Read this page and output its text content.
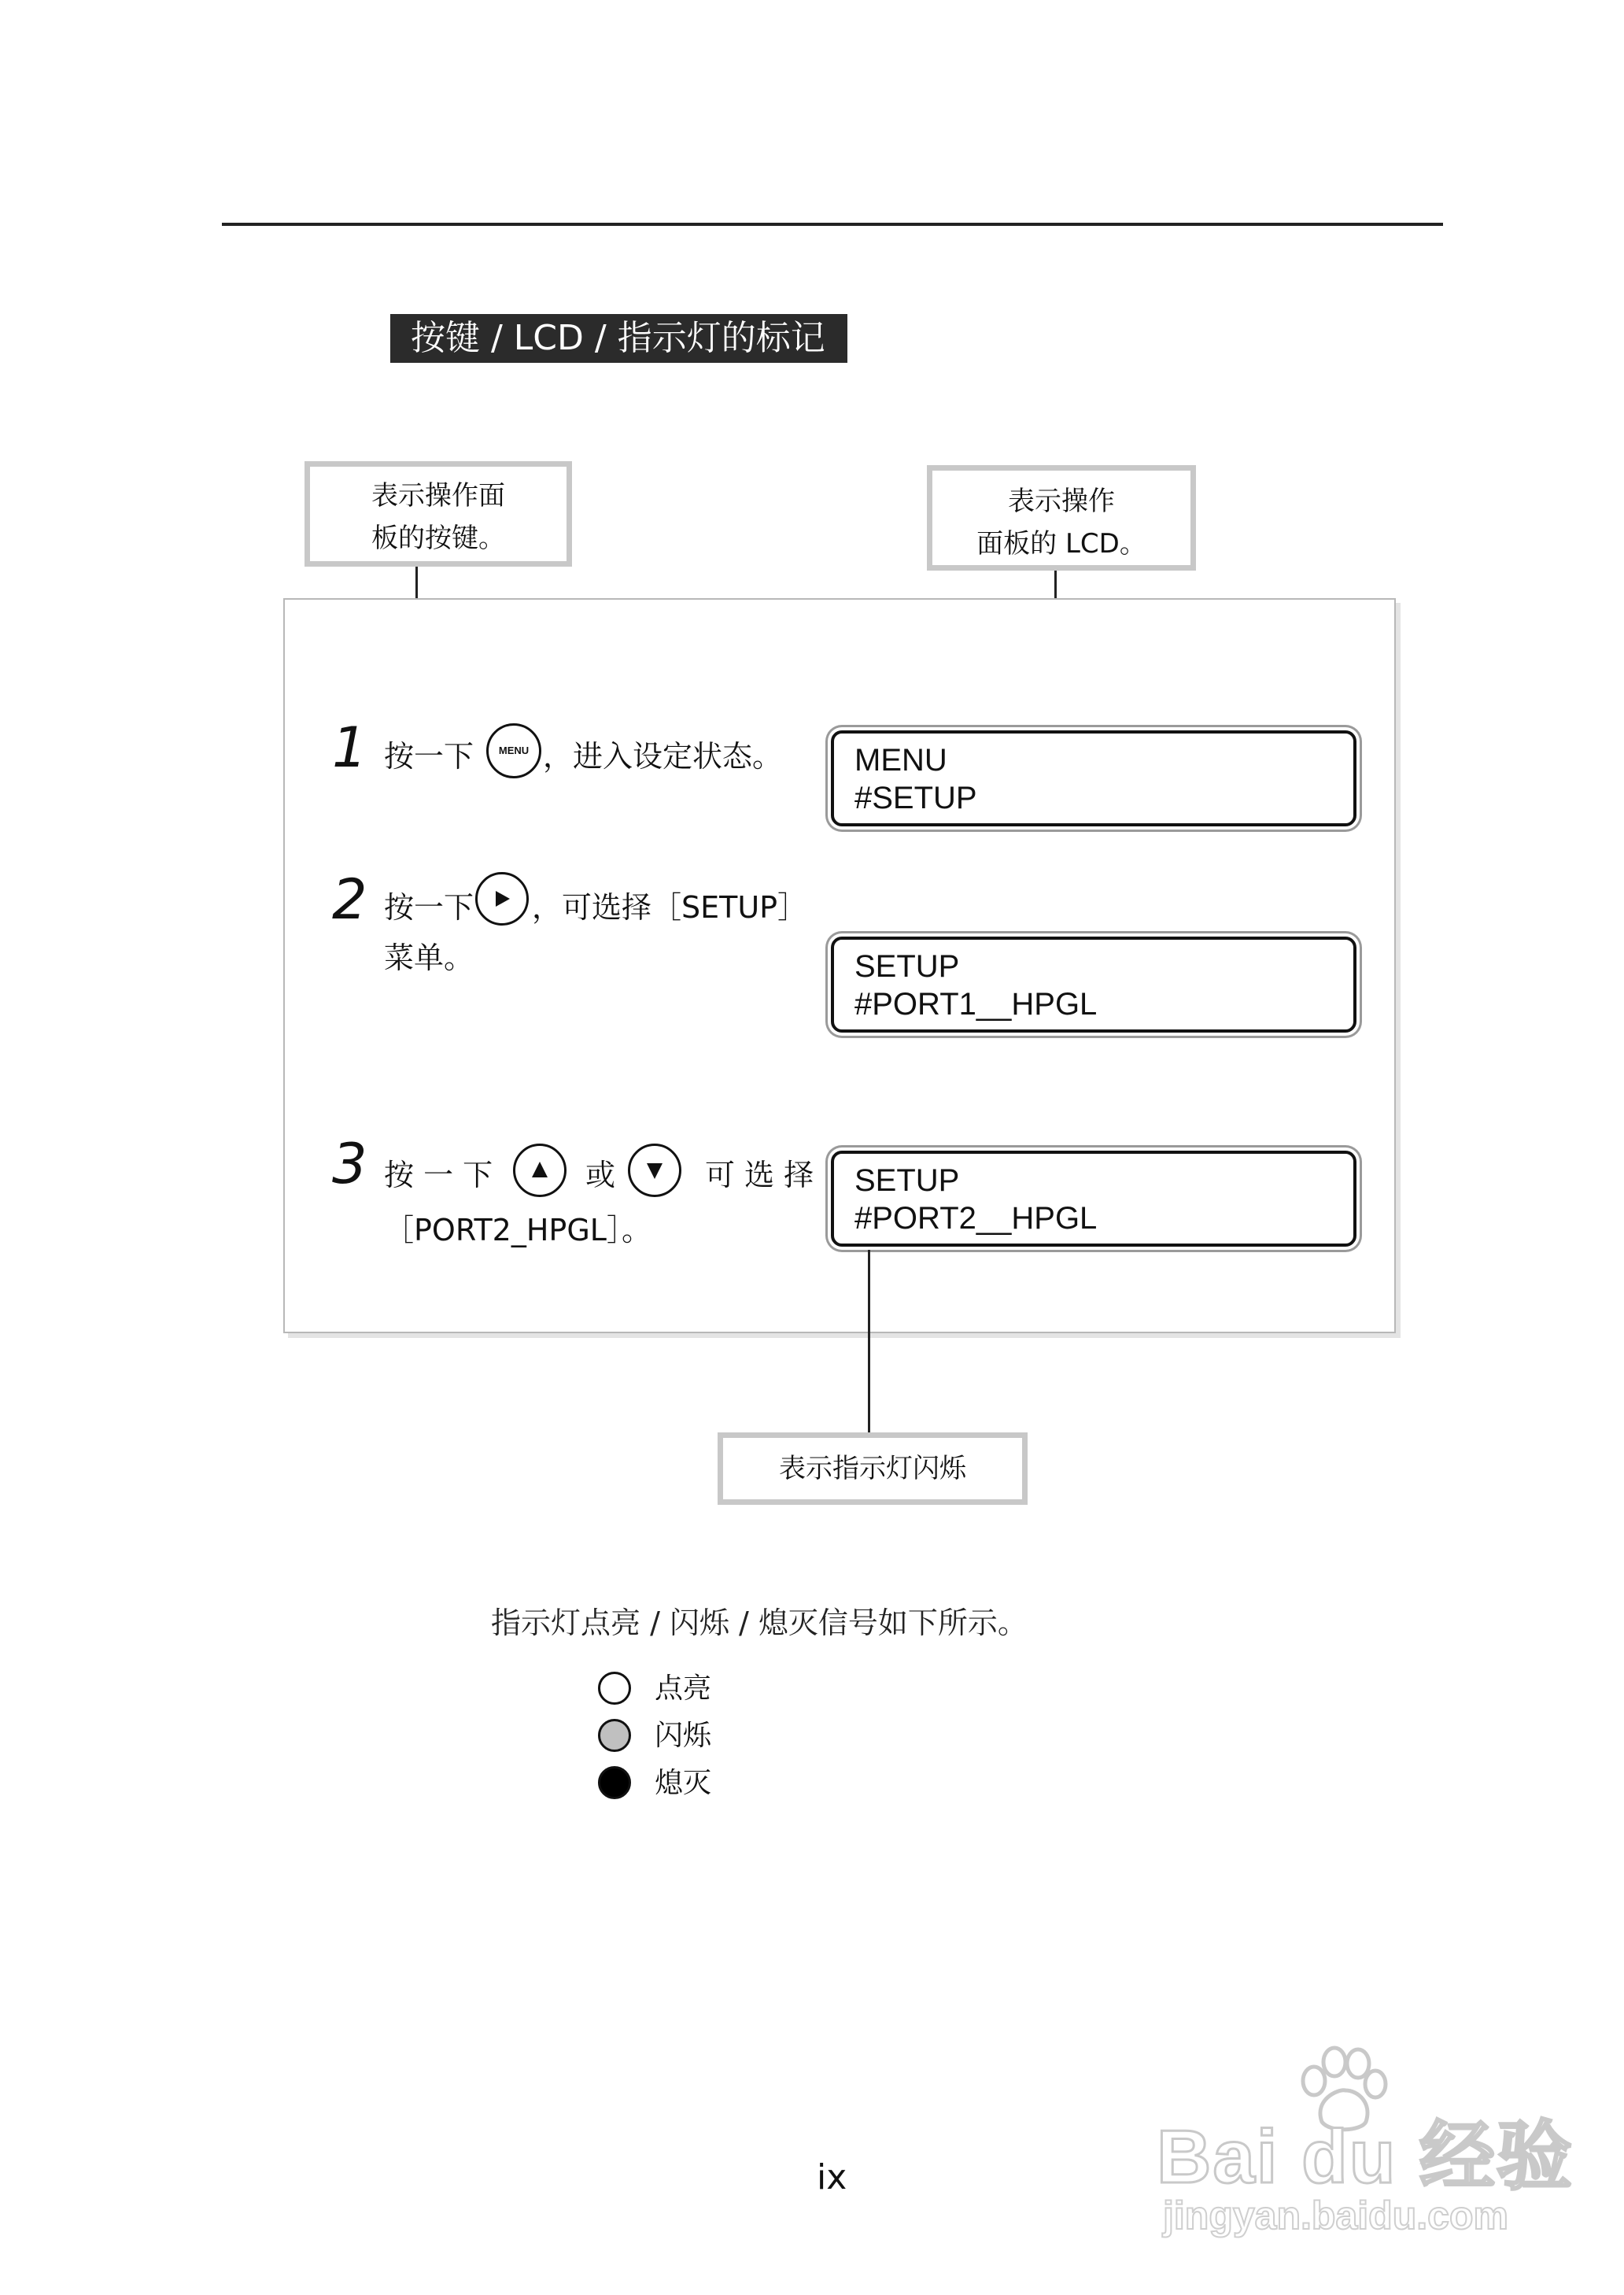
按键 / LCD / 指示灯的标记
表示操作面
板的按键。
表示操作
面板的 LCD。
1 按一下	MENU ，进入设定状态。 MENU
#SETUP
2 按一下 ，可选择［SETUP］
菜单。	SETUP
#PORT1__HPGL
3 按 一 下	或	可 选 择
［PORT2_HPGL］。
SETUP
#PORT2__HPGL
表示指示灯闪烁
指示灯点亮 / 闪烁 / 熄灭信号如下所示。
点亮
闪烁
熄灭
ix	Bai du 经验
jingyan.baidu.com
